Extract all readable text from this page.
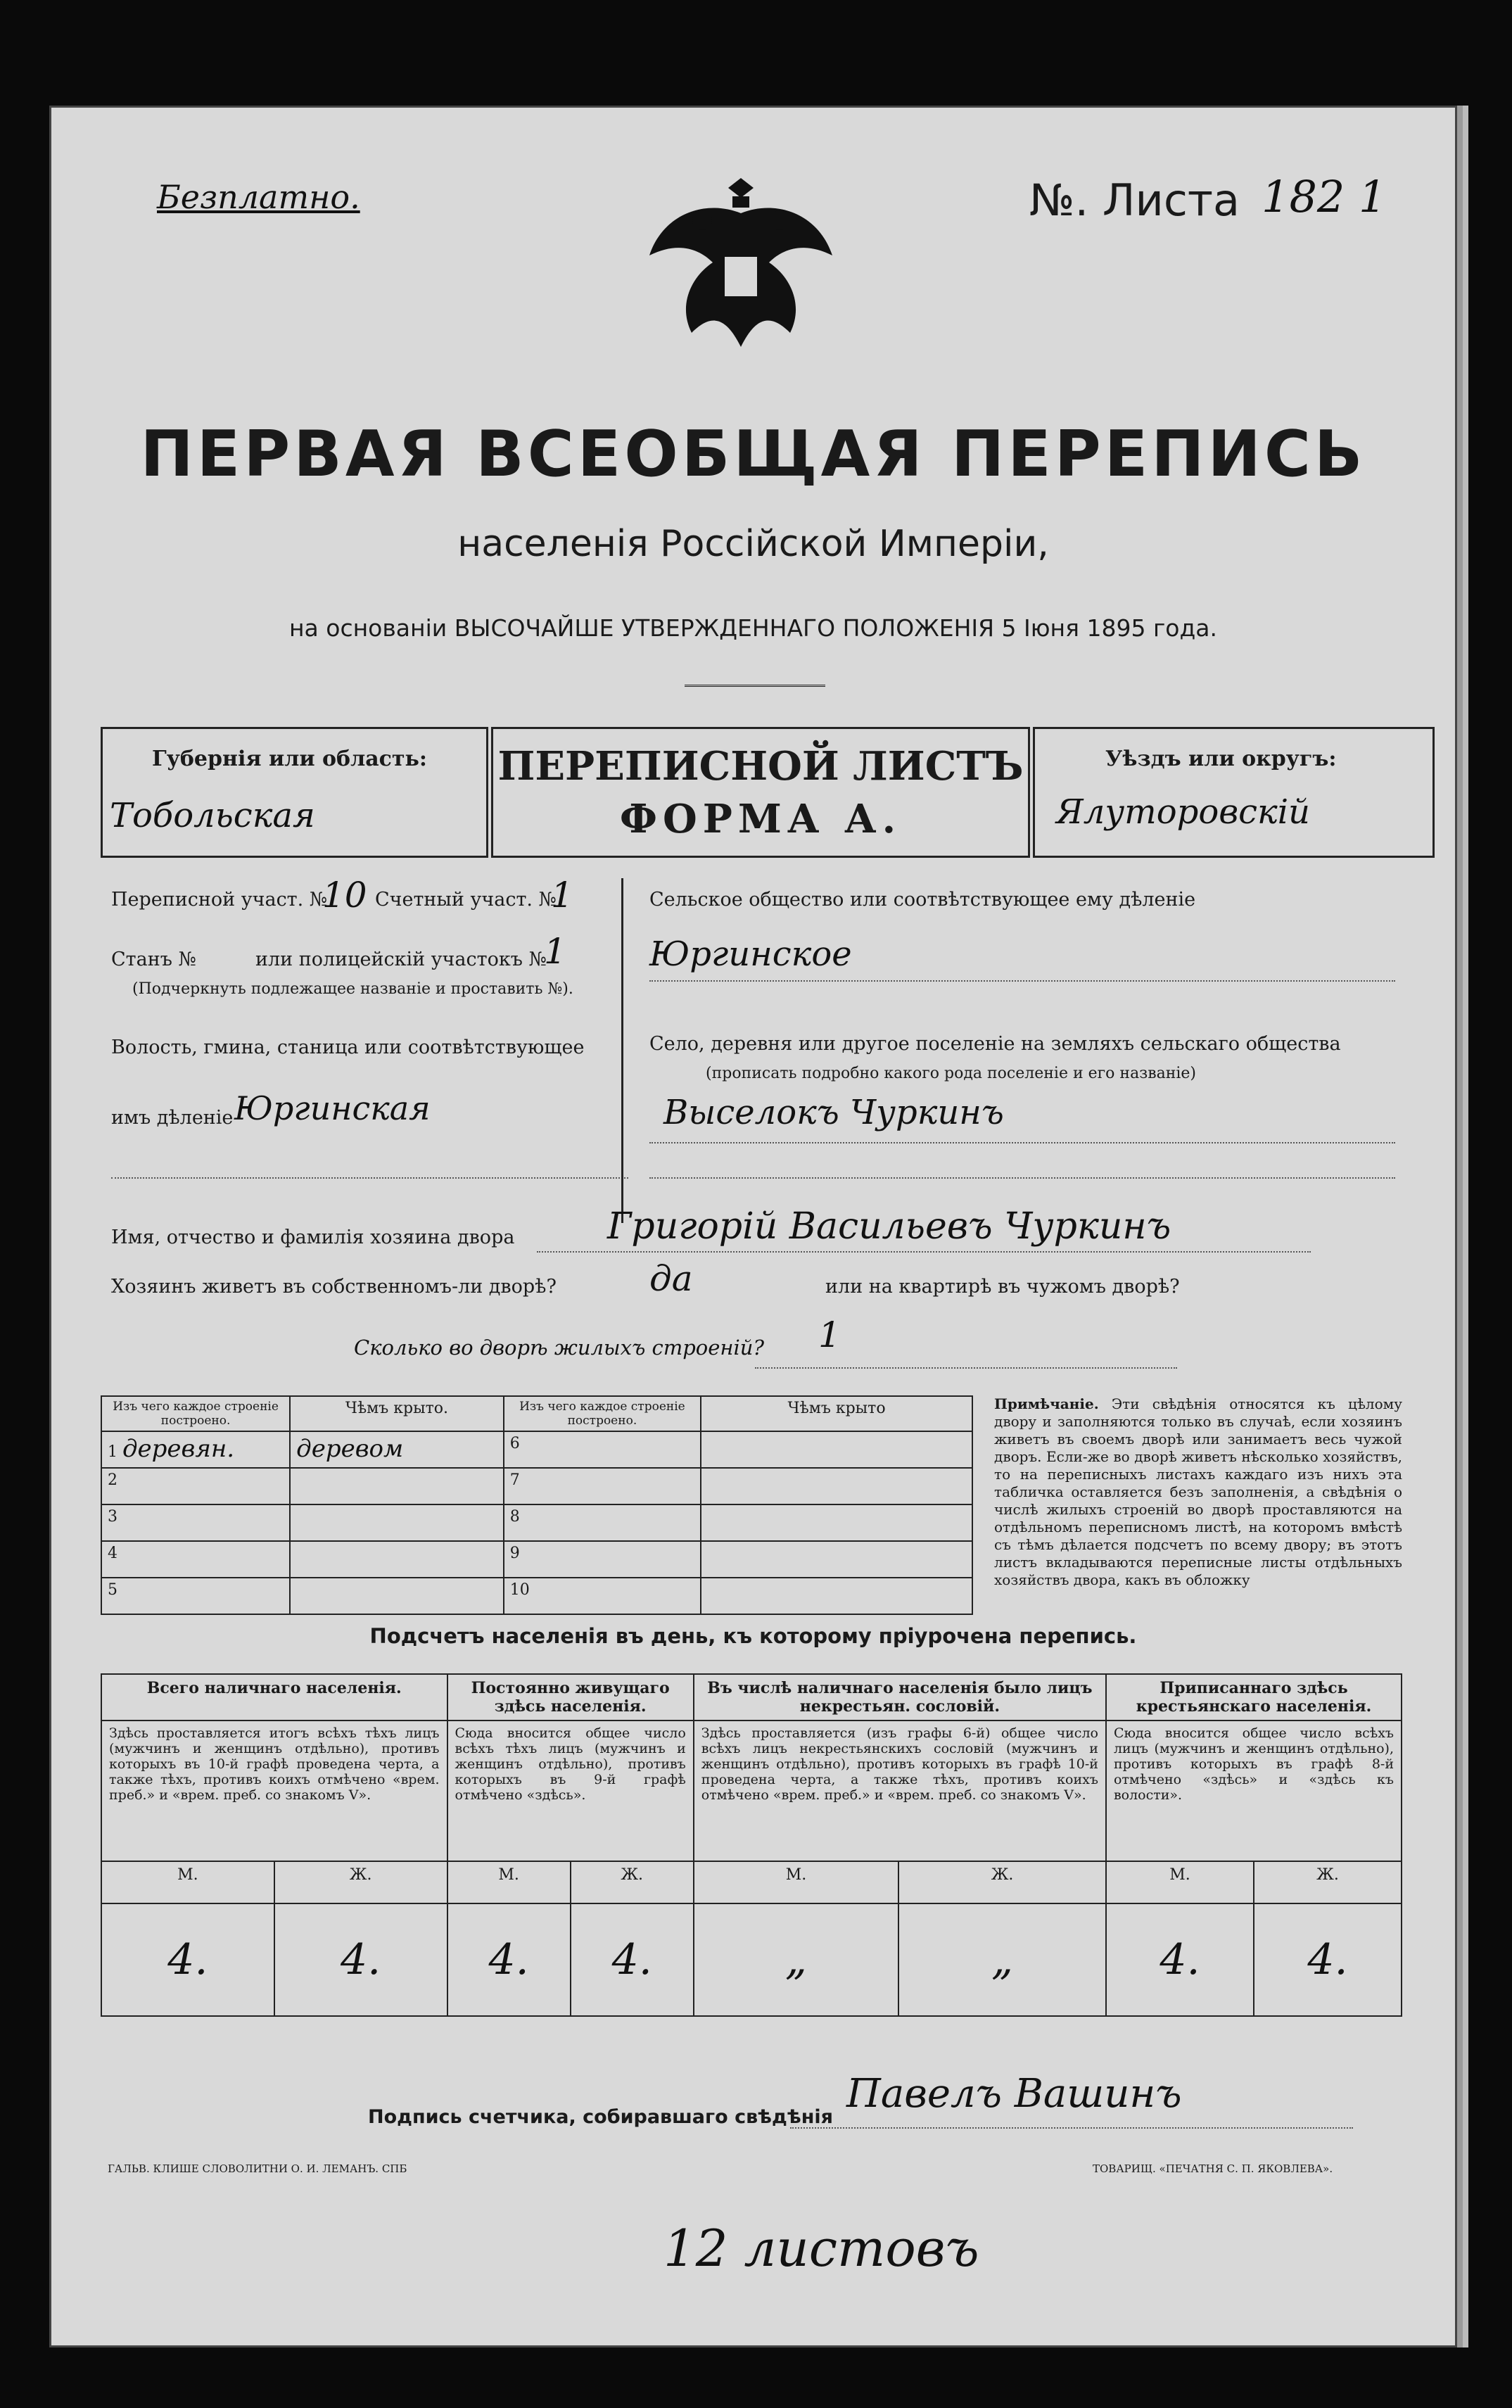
Безплатно.	№. Листа 182 1
ПЕРВАЯ ВСЕОБЩАЯ ПЕРЕПИСЬ
населенія Россійской Имперіи,
на основаніи ВЫСОЧАЙШЕ УТВЕРЖДЕННАГО ПОЛОЖЕНІЯ 5 Іюня 1895 года.
Губернія или область:
Тобольская
ПЕРЕПИСНОЙ ЛИСТЪ
ФОРМА А.
Уѣздъ или округъ:
Ялуторовскій
Переписной участ. №
10 Счетный участ. №
1
Станъ №	или полицейскій участокъ №
1
(Подчеркнуть подлежащее названіе и проставить №).
Волость, гмина, станица или соотвѣтствующее
имъ дѣленіе Юргинская
Сельское общество или соотвѣтствующее ему дѣленіе
Юргинское
Село, деревня или другое поселеніе на земляхъ сельскаго общества
(прописать подробно какого рода поселеніе и его названіе)
Выселокъ Чуркинъ
Имя, отчество и фамилія хозяина двора	Григорій Васильевъ Чуркинъ
Хозяинъ живетъ въ собственномъ-ли дворѣ?	да	или на квартирѣ въ чужомъ дворѣ?
Сколько во дворѣ жилыхъ строеній? 1
Изъ чего каждое строеніе построено.	Чѣмъ крыто.	Изъ чего каждое строеніе построено.	Чѣмъ крыто
1 деревян.	деревом	6	
2		7	
3		8	
4		9	
5		10	
Примѣчаніе. Эти свѣдѣнія относятся къ цѣлому двору и заполняются только въ случаѣ, если хозяинъ живетъ въ своемъ дворѣ или занимаетъ весь чужой дворъ. Если-же во дворѣ живетъ нѣсколько хозяйствъ, то на переписныхъ листахъ каждаго изъ нихъ эта табличка оставляется безъ заполненія, а свѣдѣнія о числѣ жилыхъ строеній во дворѣ проставляются на отдѣльномъ переписномъ листѣ, на которомъ вмѣстѣ съ тѣмъ дѣлается подсчетъ по всему двору; въ этотъ листъ вкладываются переписные листы отдѣльныхъ хозяйствъ двора, какъ въ обложку
Подсчетъ населенія въ день, къ которому пріурочена перепись.
Всего наличнаго населенія.		Постоянно живущаго здѣсь населенія.		Въ числѣ наличнаго населенія было лицъ некрестьян. сословій.		Приписаннаго здѣсь крестьянскаго населенія.	
Здѣсь проставляется итогъ всѣхъ тѣхъ лицъ (мужчинъ и женщинъ отдѣльно), противъ которыхъ въ 10-й графѣ проведена черта, а также тѣхъ, противъ коихъ отмѣчено «врем. преб.» и «врем. преб. со знакомъ V».		Сюда вносится общее число всѣхъ тѣхъ лицъ (мужчинъ и женщинъ отдѣльно), противъ которыхъ въ 9-й графѣ отмѣчено «здѣсь».		Здѣсь проставляется (изъ графы 6-й) общее число всѣхъ лицъ некрестьянскихъ сословій (мужчинъ и женщинъ отдѣльно), противъ которыхъ въ графѣ 10-й проведена черта, а также тѣхъ, противъ коихъ отмѣчено «врем. преб.» и «врем. преб. со знакомъ V».		Сюда вносится общее число всѣхъ лицъ (мужчинъ и женщинъ отдѣльно), противъ которыхъ въ графѣ 8-й отмѣчено «здѣсь» и «здѣсь къ волости».	
М.	Ж.	М.	Ж.	М.	Ж.	М.	Ж.
4.	4.	4.	4.	„	„	4.	4.
Подпись счетчика, собиравшаго свѣдѣнія
Павелъ Вашинъ
ГАЛЬВ. КЛИШЕ СЛОВОЛИТНИ О. И. ЛЕМАНЪ. СПБ	ТОВАРИЩ. «ПЕЧАТНЯ С. П. ЯКОВЛЕВА».
12 листовъ
